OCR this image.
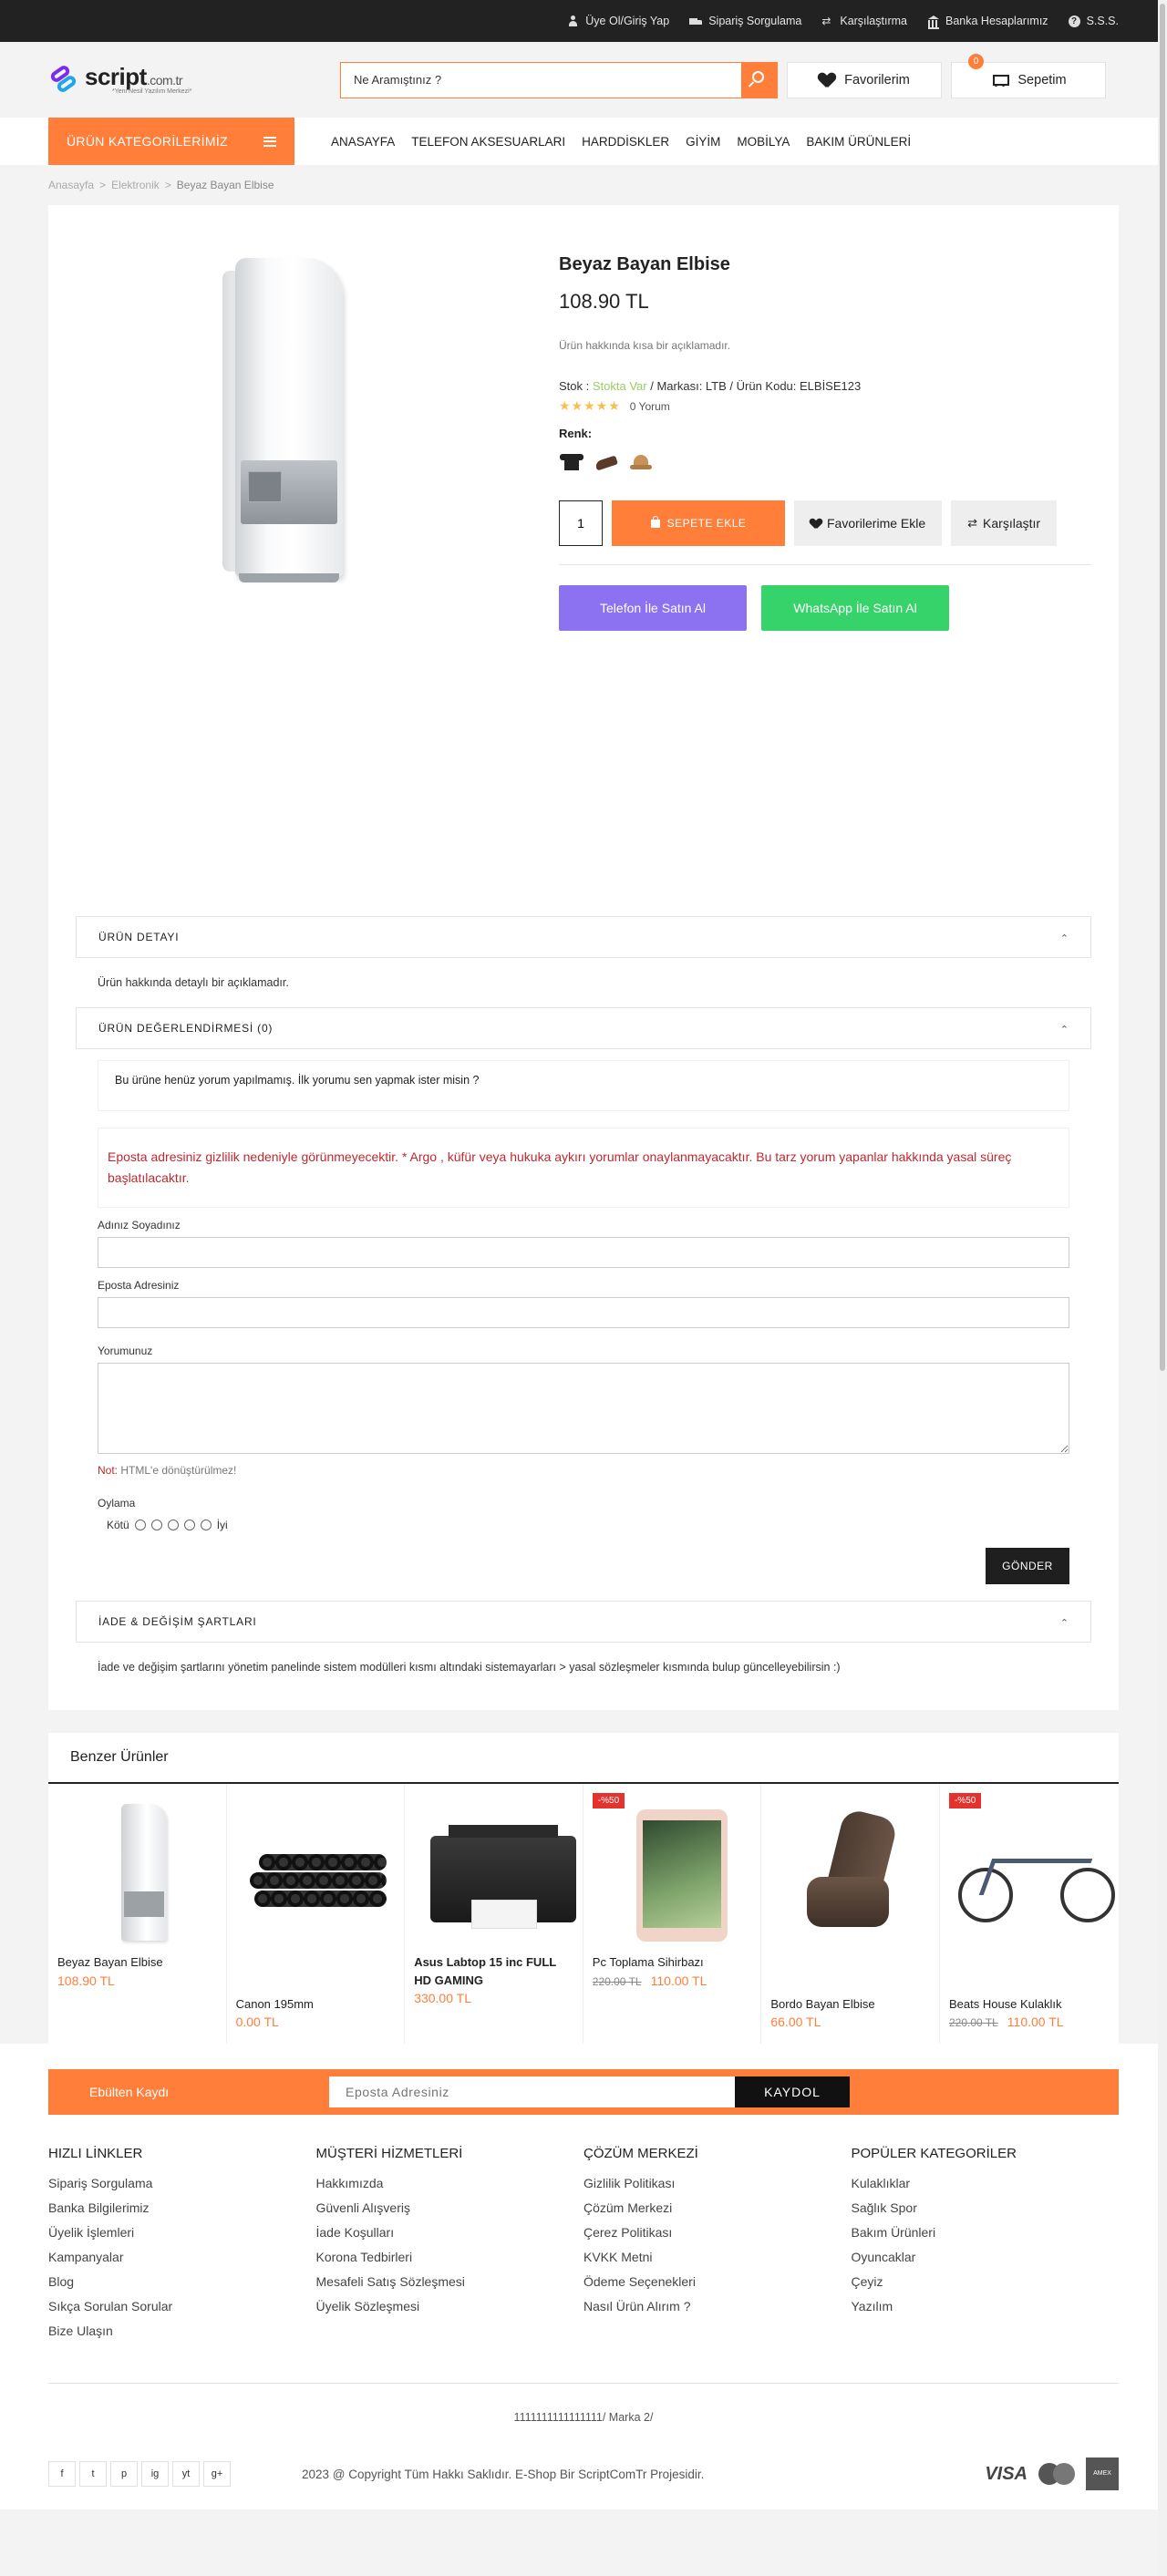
Üye Ol/Giriş Yap	Sipariş Sorgulama ⇄ Karşılaştırma	Banka Hesaplarımız	? S.S.S.
script.com.tr
*Yeni Nesil Yazılım Merkezi*
Ne Aramıştınız ?
Favorilerim
0
Sepetim
ÜRÜN KATEGORİLERİMİZ	ANASAYFA TELEFON AKSESUARLARI HARDDİSKLER GİYİM MOBİLYA BAKIM ÜRÜNLERİ
Anasayfa > Elektronik > Beyaz Bayan Elbise
Beyaz Bayan Elbise
108.90 TL
Ürün hakkında kısa bir açıklamadır.
Stok : Stokta Var / Markası: LTB / Ürün Kodu: ELBİSE123
★★★★★ 0 Yorum
Renk:
1
SEPETE EKLE	Favorilerime Ekle	⇄ Karşılaştır
Telefon İle Satın Al	WhatsApp İle Satın Al
ÜRÜN DETAYI	⌄
Ürün hakkında detaylı bir açıklamadır.
ÜRÜN DEĞERLENDİRMESİ (0)	⌄
Bu ürüne henüz yorum yapılmamış. İlk yorumu sen yapmak ister misin ?
Eposta adresiniz gizlilik nedeniyle görünmeyecektir. * Argo , küfür veya hukuka aykırı yorumlar onaylanmayacaktır. Bu tarz yorum yapanlar hakkında yasal süreç başlatılacaktır.
Adınız Soyadınız
Eposta Adresiniz
Yorumunuz
Not: HTML'e dönüştürülmez!
Oylama
Kötü	İyi
GÖNDER
İADE & DEĞİŞİM ŞARTLARI	⌄
İade ve değişim şartlarını yönetim panelinde sistem modülleri kısmı altındaki sistemayarları > yasal sözleşmeler kısmında bulup güncelleyebilirsin :)
Benzer Ürünler
Beyaz Bayan Elbise
108.90 TL
Canon 195mm
0.00 TL
Asus Labtop 15 inc FULL HD GAMING
330.00 TL
-%50
Pc Toplama Sihirbazı
220.00 TL 110.00 TL
Bordo Bayan Elbise
66.00 TL
-%50
Beats House Kulaklık
220.00 TL 110.00 TL
Ebülten Kaydı
Eposta Adresiniz	KAYDOL
HIZLI LİNKLER
Sipariş Sorgulama
Banka Bilgilerimiz
Üyelik İşlemleri
Kampanyalar
Blog
Sıkça Sorulan Sorular
Bize Ulaşın
MÜŞTERİ HİZMETLERİ
Hakkımızda
Güvenli Alışveriş
İade Koşulları
Korona Tedbirleri
Mesafeli Satış Sözleşmesi
Üyelik Sözleşmesi
ÇÖZÜM MERKEZİ
Gizlilik Politikası
Çözüm Merkezi
Çerez Politikası
KVKK Metni
Ödeme Seçenekleri
Nasıl Ürün Alırım ?
POPÜLER KATEGORİLER
Kulaklıklar
Sağlık Spor
Bakım Ürünleri
Oyuncaklar
Çeyiz
Yazılım
1111111111111111/ Marka 2/
f	t	p	ig	yt	g+	2023 @ Copyright Tüm Hakkı Saklıdır. E-Shop Bir ScriptComTr Projesidir.	VISA	AMEX
